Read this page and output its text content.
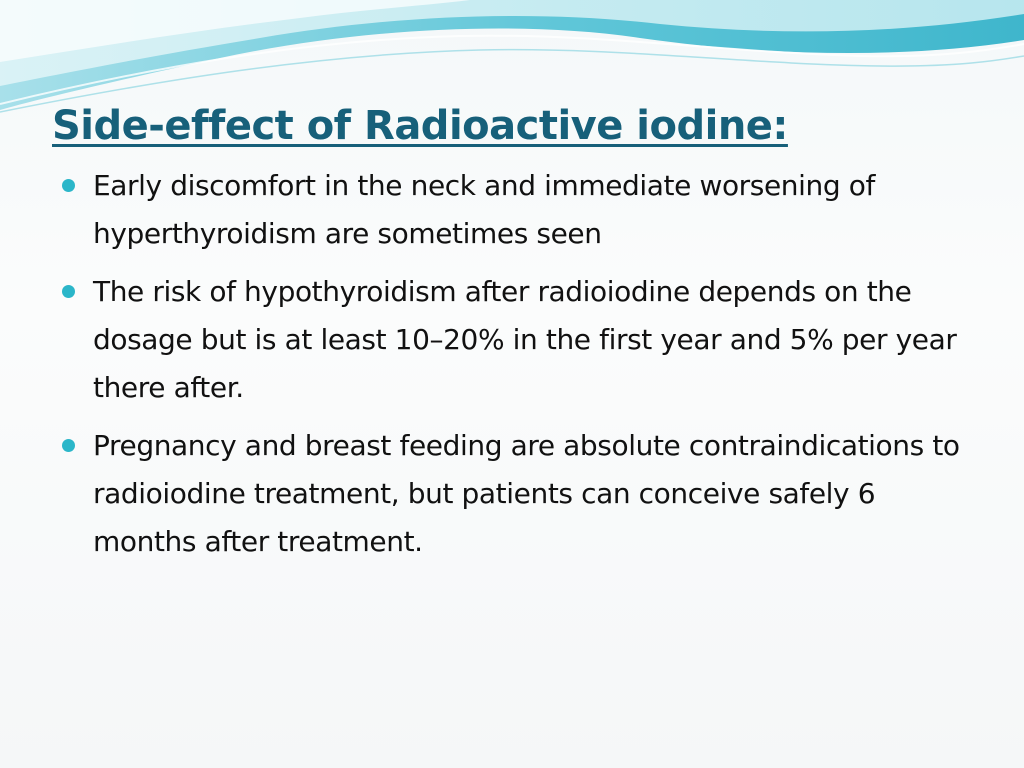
Side-effect of Radioactive iodine:
Early discomfort in the neck and immediate worsening of hyperthyroidism are sometimes seen
The risk of hypothyroidism after radioiodine depends on the dosage but is at least 10–20% in the first year and 5% per year there after.
Pregnancy and breast feeding are absolute contraindications to radioiodine treatment, but patients can conceive safely 6 months after treatment.
